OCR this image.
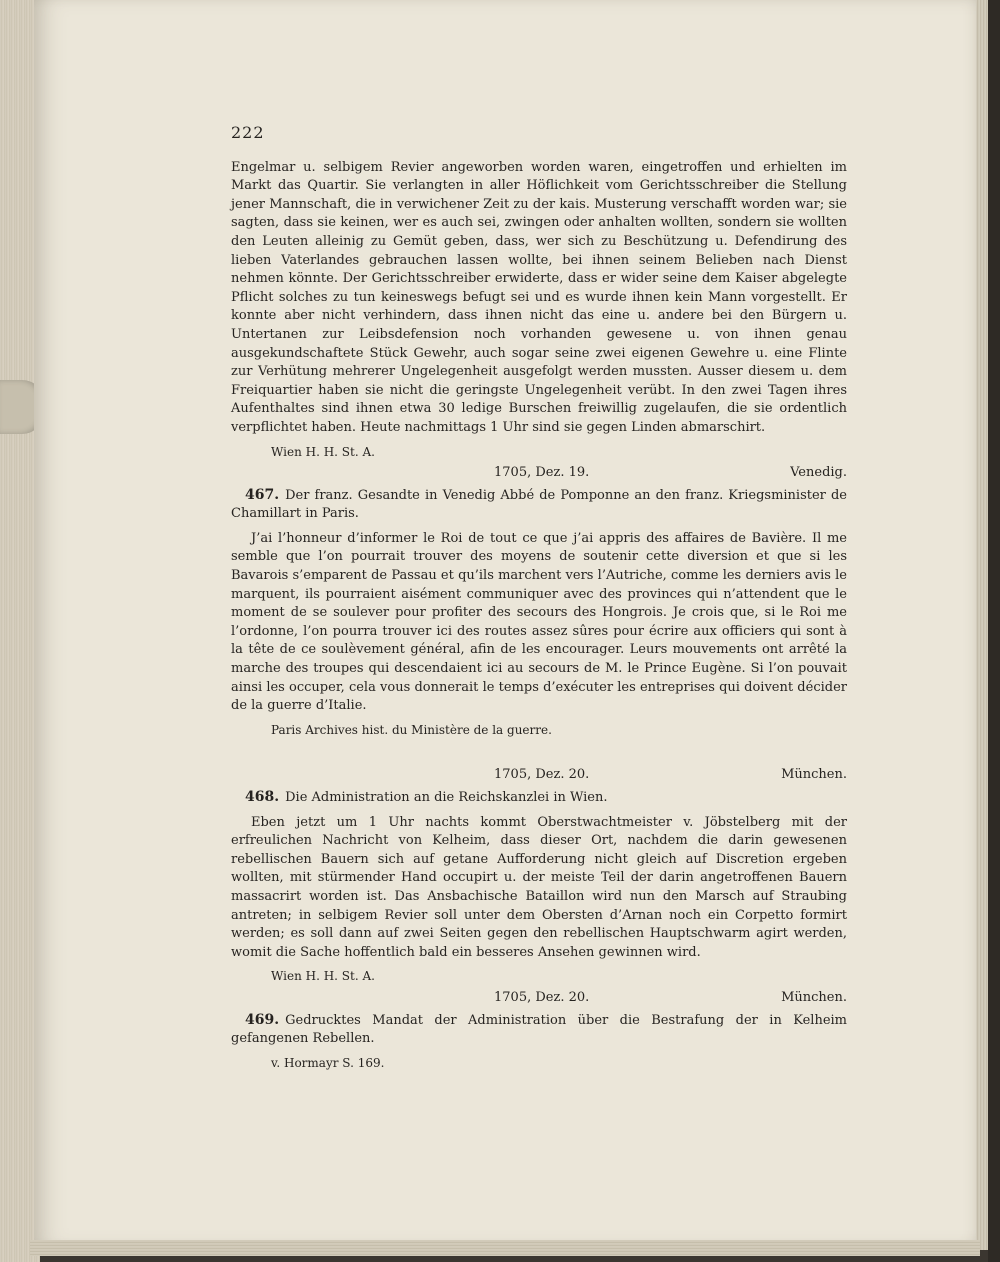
222

Engelmar u. selbigem Revier angeworben worden waren, eingetroffen und erhielten im Markt das Quartir. Sie verlangten in aller Höflichkeit vom Gerichtsschreiber die Stellung jener Mannschaft, die in verwichener Zeit zu der kais. Musterung verschafft worden war; sie sagten, dass sie keinen, wer es auch sei, zwingen oder anhalten wollten, sondern sie wollten den Leuten alleinig zu Gemüt geben, dass, wer sich zu Beschützung u. Defendirung des lieben Vaterlandes gebrauchen lassen wollte, bei ihnen seinem Belieben nach Dienst nehmen könnte. Der Gerichtsschreiber erwiderte, dass er wider seine dem Kaiser abgelegte Pflicht solches zu tun keineswegs befugt sei und es wurde ihnen kein Mann vorgestellt. Er konnte aber nicht verhindern, dass ihnen nicht das eine u. andere bei den Bürgern u. Untertanen zur Leibsdefension noch vorhanden gewesene u. von ihnen genau ausgekundschaftete Stück Gewehr, auch sogar seine zwei eigenen Gewehre u. eine Flinte zur Verhütung mehrerer Ungelegenheit ausgefolgt werden mussten. Ausser diesem u. dem Freiquartier haben sie nicht die geringste Ungelegenheit verübt. In den zwei Tagen ihres Aufenthaltes sind ihnen etwa 30 ledige Burschen freiwillig zugelaufen, die sie ordentlich verpflichtet haben. Heute nachmittags 1 Uhr sind sie gegen Linden abmarschirt.

Wien H. H. St. A.
1705, Dez. 19.	Venedig.

467. Der franz. Gesandte in Venedig Abbé de Pomponne an den franz. Kriegsminister de Chamillart in Paris.

J’ai l’honneur d’informer le Roi de tout ce que j’ai appris des affaires de Bavière. Il me semble que l’on pourrait trouver des moyens de soutenir cette diversion et que si les Bavarois s’emparent de Passau et qu’ils marchent vers l’Autriche, comme les derniers avis le marquent, ils pourraient aisément communiquer avec des provinces qui n’attendent que le moment de se soulever pour profiter des secours des Hongrois. Je crois que, si le Roi me l’ordonne, l’on pourra trouver ici des routes assez sûres pour écrire aux officiers qui sont à la tête de ce soulèvement général, afin de les encourager. Leurs mouvements ont arrêté la marche des troupes qui descendaient ici au secours de M. le Prince Eugène. Si l’on pouvait ainsi les occuper, cela vous donnerait le temps d’exécuter les entreprises qui doivent décider de la guerre d’Italie.

Paris Archives hist. du Ministère de la guerre.
1705, Dez. 20.	München.

468. Die Administration an die Reichskanzlei in Wien.

Eben jetzt um 1 Uhr nachts kommt Oberstwachtmeister v. Jöbstelberg mit der erfreulichen Nachricht von Kelheim, dass dieser Ort, nachdem die darin gewesenen rebellischen Bauern sich auf getane Aufforderung nicht gleich auf Discretion ergeben wollten, mit stürmender Hand occupirt u. der meiste Teil der darin angetroffenen Bauern massacrirt worden ist. Das Ansbachische Bataillon wird nun den Marsch auf Straubing antreten; in selbigem Revier soll unter dem Obersten d’Arnan noch ein Corpetto formirt werden; es soll dann auf zwei Seiten gegen den rebellischen Hauptschwarm agirt werden, womit die Sache hoffentlich bald ein besseres Ansehen gewinnen wird.

Wien H. H. St. A.
1705, Dez. 20.	München.

469. Gedrucktes Mandat der Administration über die Bestrafung der in Kelheim gefangenen Rebellen.

v. Hormayr S. 169.
